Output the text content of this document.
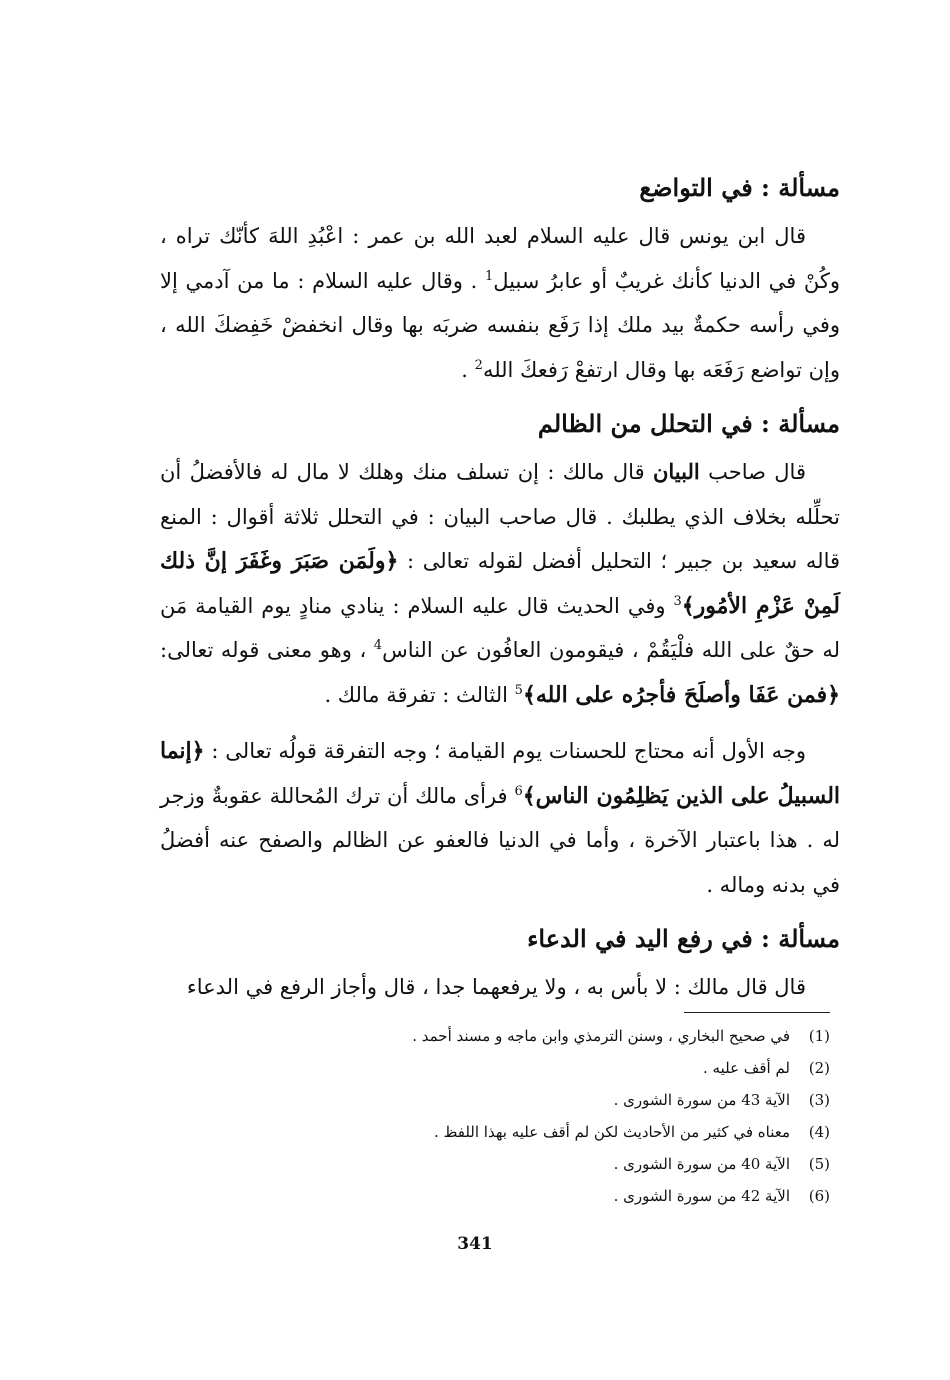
مسألة : في التواضع

قال ابن يونس قال عليه السلام لعبد الله بن عمر : اعْبُدِ اللهَ كأنّك تراه ، وكُنْ في الدنيا كأنك غريبٌ أو عابرُ سبيل$^1$ . وقال عليه السلام : ما من آدمي إلا وفي رأسه حكمةٌ بيد ملك إذا رَفَع بنفسه ضربَه بها وقال انخفضْ خَفِضكَ الله ، وإن تواضع رَفَعَه بها وقال ارتفعْ رَفعكَ الله$^2$ .

مسألة : في التحلل من الظالم

قال صاحب البيان قال مالك : إن تسلف منك وهلك لا مال له فالأفضلُ أن تحلِّله بخلاف الذي يطلبك . قال صاحب البيان : في التحلل ثلاثة أقوال : المنع قاله سعيد بن جبير ؛ التحليل أفضل لقوله تعالى : ﴿ولَمَن صَبَرَ وغَفَرَ إنَّ ذلك لَمِنْ عَزْمِ الأمُور﴾$^3$ وفي الحديث قال عليه السلام : ينادي منادٍ يوم القيامة مَن له حقٌ على الله فلْيَقُمْ ، فيقومون العافُون عن الناس$^4$ ، وهو معنى قوله تعالى: ﴿فمن عَفَا وأصلَحَ فأجرُه على الله﴾$^5$ الثالث : تفرقة مالك .

وجه الأول أنه محتاج للحسنات يوم القيامة ؛ وجه التفرقة قولُه تعالى : ﴿إنما السبيلُ على الذين يَظلِمُون الناس﴾$^6$ فرأى مالك أن ترك المُحاللة عقوبةٌ وزجر له . هذا باعتبار الآخرة ، وأما في الدنيا فالعفو عن الظالم والصفح عنه أفضلُ في بدنه وماله .

مسألة : في رفع اليد في الدعاء

قال قال مالك : لا بأس به ، ولا يرفعهما جدا ، قال وأجاز الرفع في الدعاء

(1)في صحيح البخاري ، وسنن الترمذي وابن ماجه و مسند أحمد .
(2)لم أقف عليه .
(3)الآية 43 من سورة الشورى .
(4)معناه في كثير من الأحاديث لكن لم أقف عليه بهذا اللفظ .
(5)الآية 40 من سورة الشورى .
(6)الآية 42 من سورة الشورى .
341
